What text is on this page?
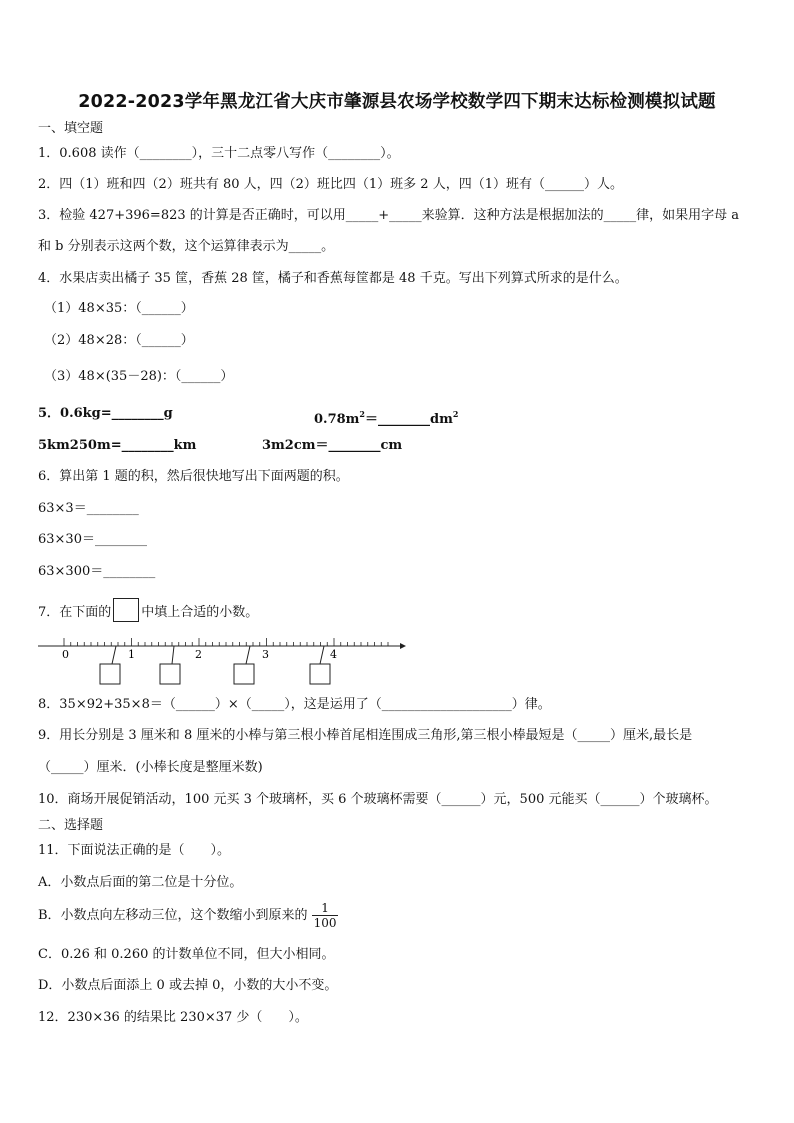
2022-2023学年黑龙江省大庆市肇源县农场学校数学四下期末达标检测模拟试题
一、填空题
1．0.608 读作（________），三十二点零八写作（________）。
2．四（1）班和四（2）班共有 80 人，四（2）班比四（1）班多 2 人，四（1）班有（______）人。
3．检验 427+396=823 的计算是否正确时，可以用_____+_____来验算．这种方法是根据加法的_____律，如果用字母 a
和 b 分别表示这两个数，这个运算律表示为_____。
4．水果店卖出橘子 35 筐，香蕉 28 筐，橘子和香蕉每筐都是 48 千克。写出下列算式所求的是什么。
（1）48×35：（______）
（2）48×28：（______）
（3）48×(35－28)：（______）
5．0.6kg=________g	$0.78m^2=\_\_\_\_\_\_\_\_dm^2$
5km250m=________km	3m2cm＝________cm
6．算出第 1 题的积，然后很快地写出下面两题的积。
63×3＝________
63×30＝________
63×300＝________
7．在下面的 中填上合适的小数。
0	1	2	3	4
8．35×92+35×8＝（______）×（_____），这是运用了（____________________）律。
9．用长分别是 3 厘米和 8 厘米的小棒与第三根小棒首尾相连围成三角形,第三根小棒最短是（_____）厘米,最长是
（_____）厘米．(小棒长度是整厘米数)
10．商场开展促销活动，100 元买 3 个玻璃杯，买 6 个玻璃杯需要（______）元，500 元能买（______）个玻璃杯。
二、选择题
11．下面说法正确的是（　　）。
A．小数点后面的第二位是十分位。
B．小数点向左移动三位，这个数缩小到原来的 $\frac{1}{100}$
C．0.26 和 0.260 的计数单位不同，但大小相同。
D．小数点后面添上 0 或去掉 0，小数的大小不变。
12．230×36 的结果比 230×37 少（　　）。
